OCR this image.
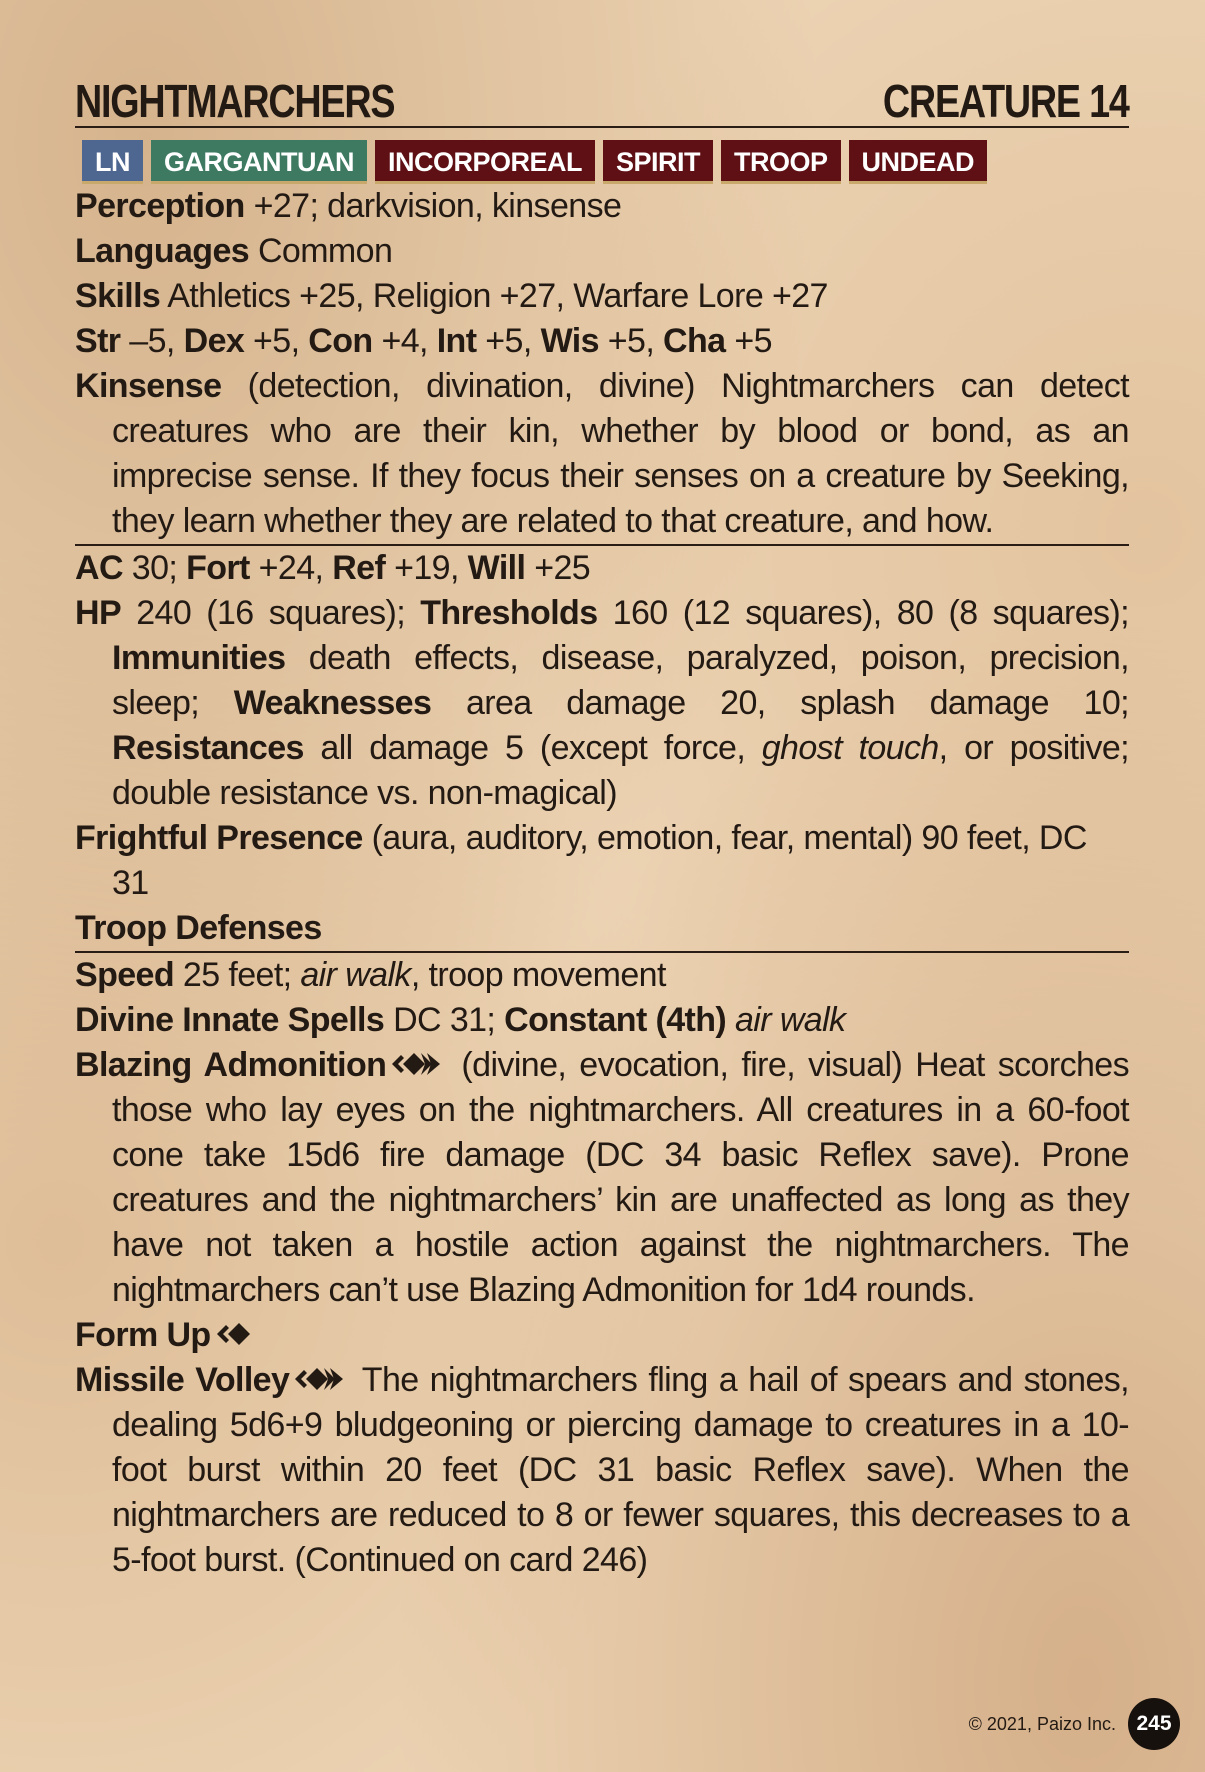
NIGHTMARCHERS	CREATURE 14
LN	GARGANTUAN	INCORPOREAL	SPIRIT	TROOP	UNDEAD

Perception +27; darkvision, kinsense

Languages Common

Skills Athletics +25, Religion +27, Warfare Lore +27

Str –5, Dex +5, Con +4, Int +5, Wis +5, Cha +5

Kinsense (detection, divination, divine) Nightmarchers can detect creatures who are their kin, whether by blood or bond, as an imprecise sense. If they focus their senses on a creature by Seeking, they learn whether they are related to that creature, and how.

AC 30; Fort +24, Ref +19, Will +25

HP 240 (16 squares); Thresholds 160 (12 squares), 80 (8 squares); Immunities death effects, disease, paralyzed, poison, precision, sleep; Weaknesses area damage 20, splash damage 10; Resistances all damage 5 (except force, ghost touch, or positive; double resistance vs. non-magical)

Frightful Presence (aura, auditory, emotion, fear, mental) 90 feet, DC 31

Troop Defenses

Speed 25 feet; air walk, troop movement

Divine Innate Spells DC 31; Constant (4th) air walk

Blazing Admonition (divine, evocation, fire, visual) Heat scorches those who lay eyes on the nightmarchers. All creatures in a 60-foot cone take 15d6 fire damage (DC 34 basic Reflex save). Prone creatures and the nightmarchers’ kin are unaffected as long as they have not taken a hostile action against the nightmarchers. The nightmarchers can’t use Blazing Admonition for 1d4 rounds.

Form Up

Missile Volley The nightmarchers fling a hail of spears and stones, dealing 5d6+9 bludgeoning or piercing damage to creatures in a 10-foot burst within 20 feet (DC 31 basic Reflex save). When the nightmarchers are reduced to 8 or fewer squares, this decreases to a 5-foot burst. (Continued on card 246)

© 2021, Paizo Inc. 245
